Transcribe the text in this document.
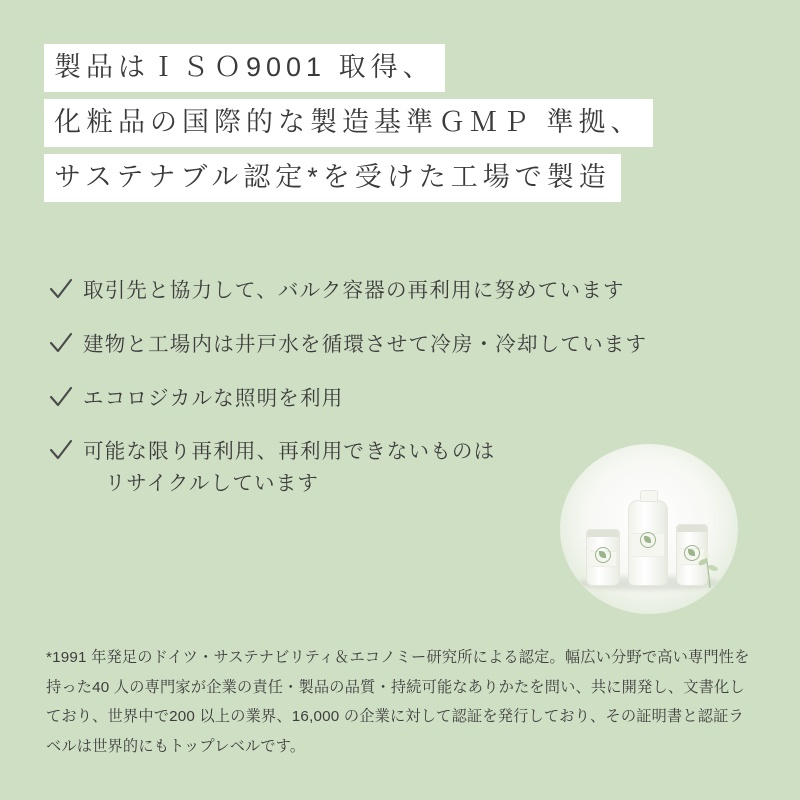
製品はＩＳＯ9001 取得、
化粧品の国際的な製造基準ＧＭＰ 準拠、
サステナブル認定*を受けた工場で製造
取引先と協力して、バルク容器の再利用に努めています
建物と工場内は井戸水を循環させて冷房・冷却しています
エコロジカルな照明を利用
可能な限り再利用、再利用できないものは
リサイクルしています

*1991 年発足のドイツ・サステナビリティ＆エコノミー研究所による認定。幅広い分野で高い専門性を持った40 人の専門家が企業の責任・製品の品質・持続可能なありかたを問い、共に開発し、文書化しており、世界中で200 以上の業界、16,000 の企業に対して認証を発行しており、その証明書と認証ラベルは世界的にもトップレベルです。
